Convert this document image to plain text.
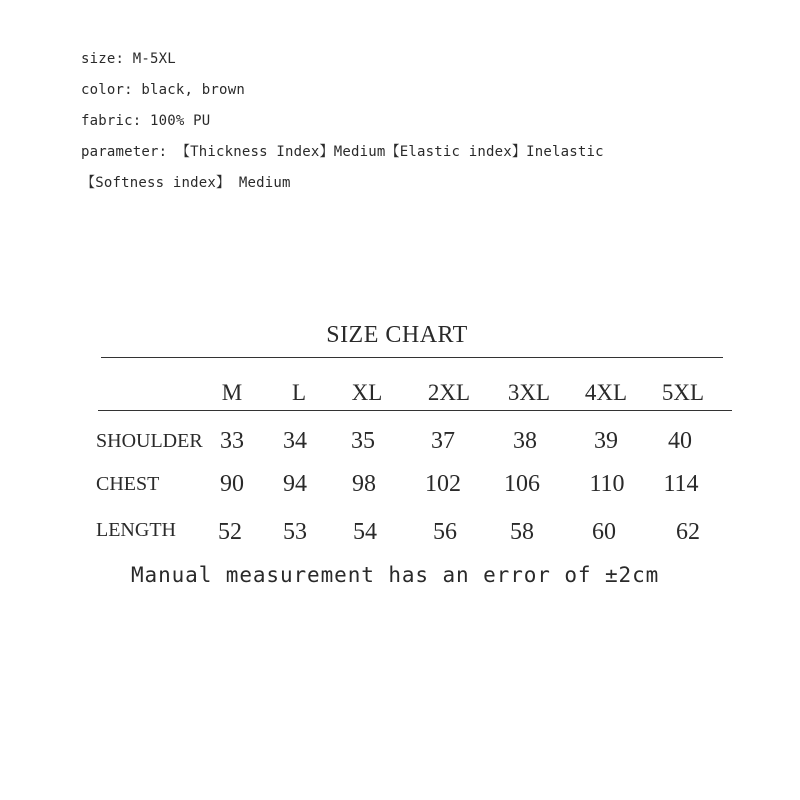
size: M-5XL
color: black, brown
fabric: 100% PU
parameter: 【Thickness Index】Medium【Elastic index】Inelastic
【Softness index】 Medium
SIZE CHART
M L XL 2XL 3XL 4XL 5XL
SHOULDER 33 34 35 37 38 39 40
CHEST	90 94 98 102 106 110 114
LENGTH 52 53 54 56 58 60	62
Manual measurement has an error of ±2cm
